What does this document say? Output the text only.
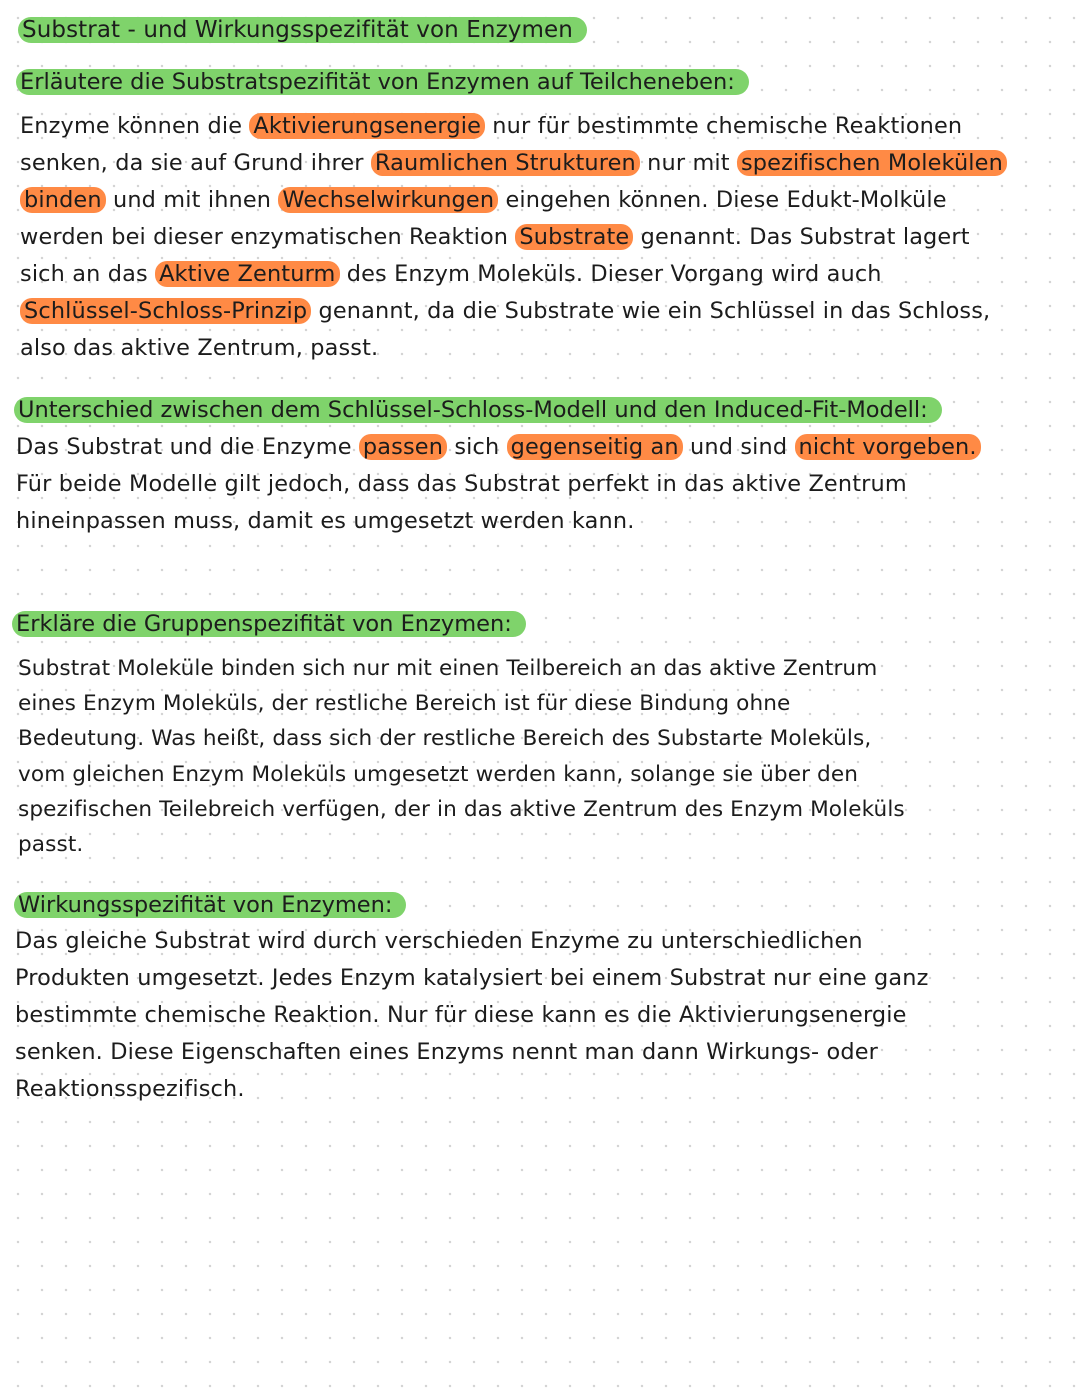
Substrat - und Wirkungsspezifität von Enzymen
Erläutere die Substratspezifität von Enzymen auf Teilcheneben:
Enzyme können die Aktivierungsenergie nur für bestimmte chemische Reaktionen
senken, da sie auf Grund ihrer Raumlichen Strukturen nur mit spezifischen Molekülen
binden und mit ihnen Wechselwirkungen eingehen können. Diese Edukt-Molküle
werden bei dieser enzymatischen Reaktion Substrate genannt. Das Substrat lagert
sich an das Aktive Zenturm des Enzym Moleküls. Dieser Vorgang wird auch
Schlüssel-Schloss-Prinzip genannt, da die Substrate wie ein Schlüssel in das Schloss,
also das aktive Zentrum, passt.
Unterschied zwischen dem Schlüssel-Schloss-Modell und den Induced-Fit-Modell:
Das Substrat und die Enzyme passen sich gegenseitig an und sind nicht vorgeben.
Für beide Modelle gilt jedoch, dass das Substrat perfekt in das aktive Zentrum
hineinpassen muss, damit es umgesetzt werden kann.
Erkläre die Gruppenspezifität von Enzymen:
Substrat Moleküle binden sich nur mit einen Teilbereich an das aktive Zentrum
eines Enzym Moleküls, der restliche Bereich ist für diese Bindung ohne
Bedeutung. Was heißt, dass sich der restliche Bereich des Substarte Moleküls,
vom gleichen Enzym Moleküls umgesetzt werden kann, solange sie über den
spezifischen Teilebreich verfügen, der in das aktive Zentrum des Enzym Moleküls
passt.
Wirkungsspezifität von Enzymen:
Das gleiche Substrat wird durch verschieden Enzyme zu unterschiedlichen
Produkten umgesetzt. Jedes Enzym katalysiert bei einem Substrat nur eine ganz
bestimmte chemische Reaktion. Nur für diese kann es die Aktivierungsenergie
senken. Diese Eigenschaften eines Enzyms nennt man dann Wirkungs- oder
Reaktionsspezifisch.
